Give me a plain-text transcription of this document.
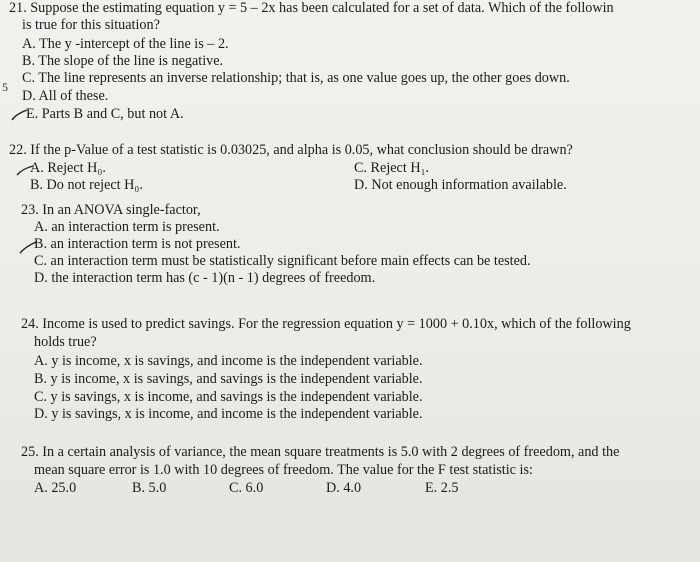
21. Suppose the estimating equation y = 5 – 2x has been calculated for a set of data. Which of the followin
is true for this situation?
A. The y -intercept of the line is – 2.
B. The slope of the line is negative.
C. The line represents an inverse relationship; that is, as one value goes up, the other goes down.
D. All of these.
E. Parts B and C, but not A.
5
22. If the p-Value of a test statistic is 0.03025, and alpha is 0.05, what conclusion should be drawn?
A. Reject H₀.	C. Reject H₁.
B. Do not reject H₀.	D. Not enough information available.
23. In an ANOVA single-factor,
A. an interaction term is present.
B. an interaction term is not present.
C. an interaction term must be statistically significant before main effects can be tested.
D. the interaction term has (c - 1)(n - 1) degrees of freedom.
24. Income is used to predict savings. For the regression equation y = 1000 + 0.10x, which of the following
holds true?
A. y is income, x is savings, and income is the independent variable.
B. y is income, x is savings, and savings is the independent variable.
C. y is savings, x is income, and savings is the independent variable.
D. y is savings, x is income, and income is the independent variable.
25. In a certain analysis of variance, the mean square treatments is 5.0 with 2 degrees of freedom, and the
mean square error is 1.0 with 10 degrees of freedom. The value for the F test statistic is:
A. 25.0	B. 5.0	C. 6.0	D. 4.0	E. 2.5
